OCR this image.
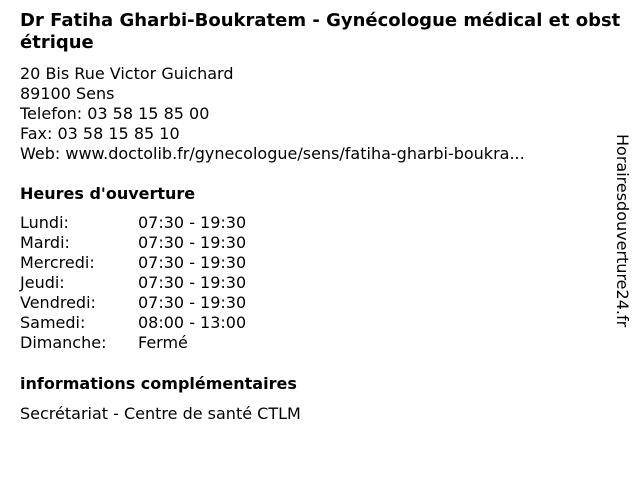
Dr Fatiha Gharbi-Boukratem - Gynécologue médical et obstétrique
20 Bis Rue Victor Guichard
89100 Sens
Telefon: 03 58 15 85 00
Fax: 03 58 15 85 10
Web: www.doctolib.fr/gynecologue/sens/fatiha-gharbi-boukra...
Heures d'ouverture
Lundi:	07:30 - 19:30
Mardi:	07:30 - 19:30
Mercredi:	07:30 - 19:30
Jeudi:	07:30 - 19:30
Vendredi:	07:30 - 19:30
Samedi:	08:00 - 13:00
Dimanche: Fermé
informations complémentaires
Secrétariat - Centre de santé CTLM
Horairesdouverture24.fr
